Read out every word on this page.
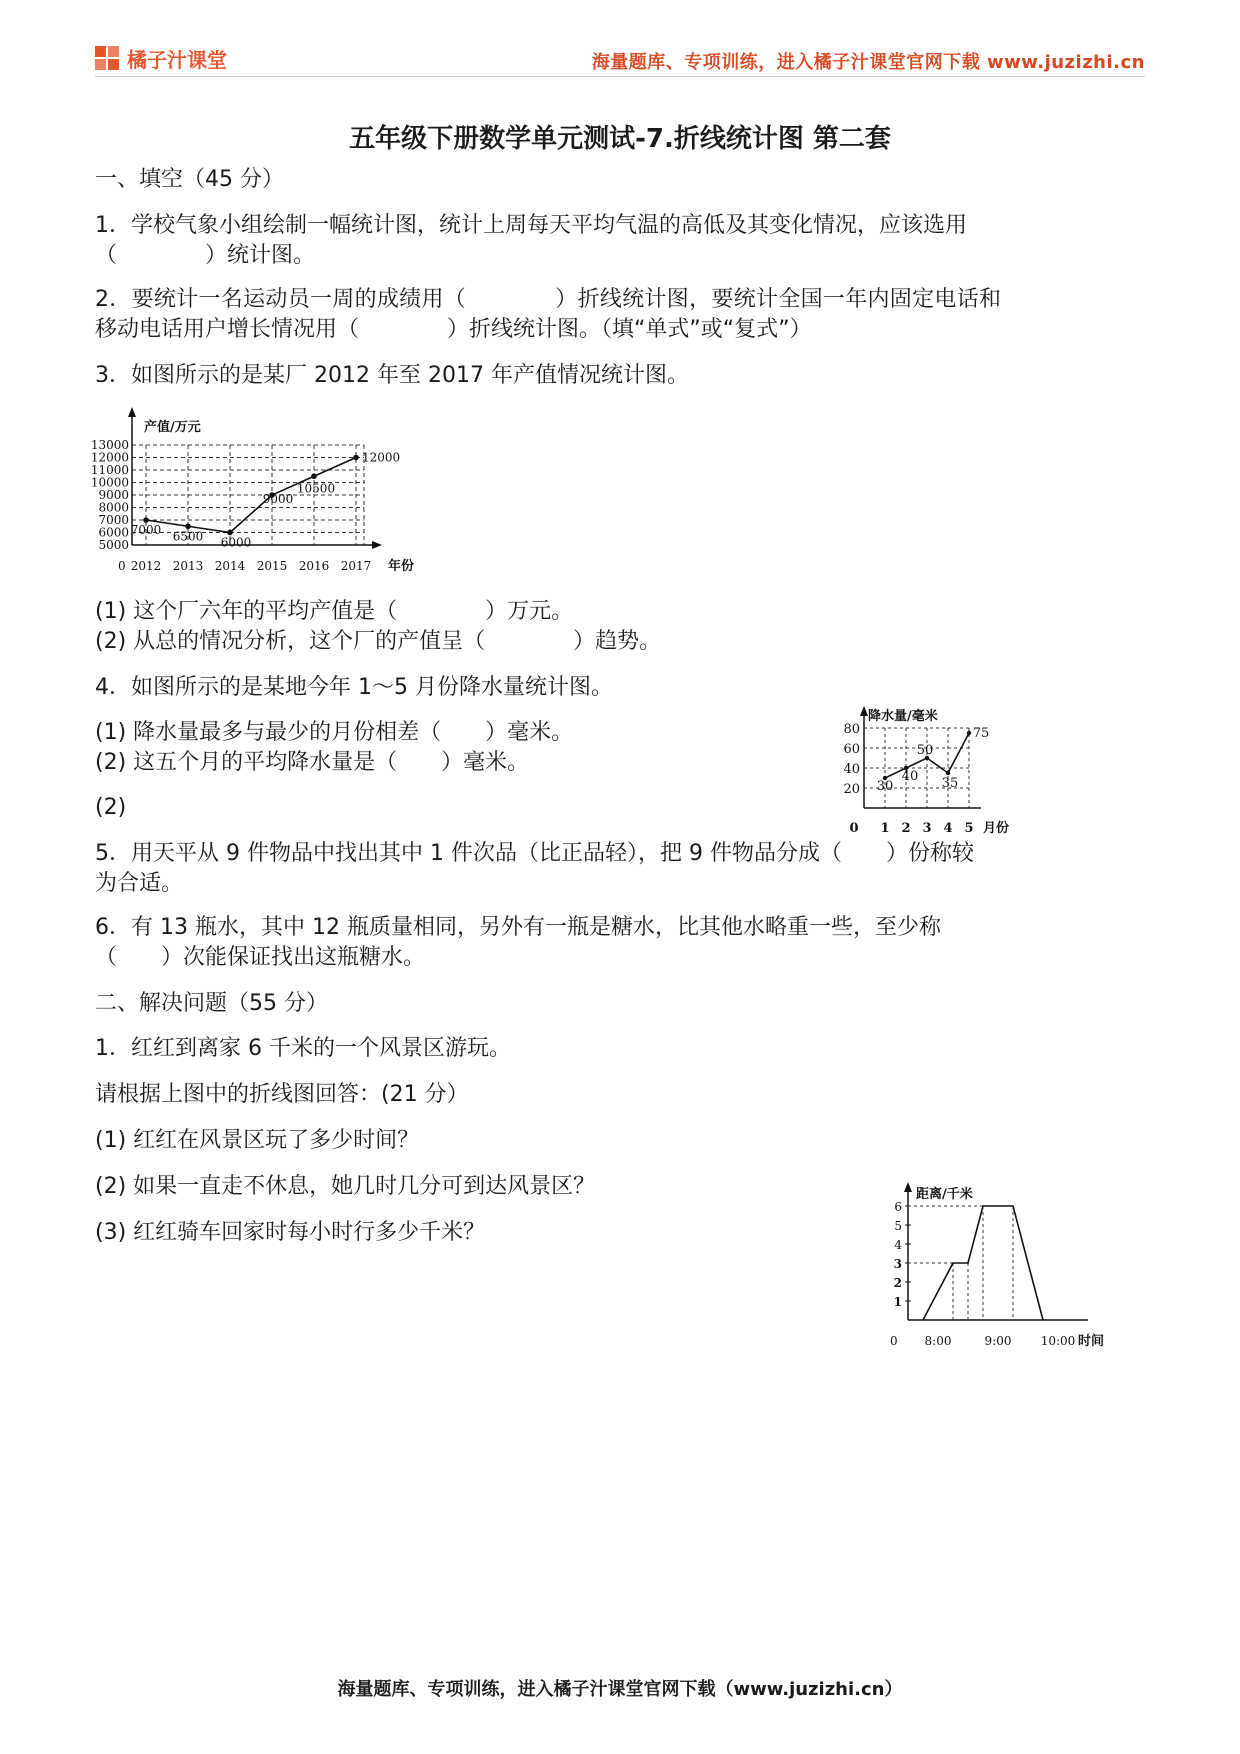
橘子汁课堂	海量题库、专项训练，进入橘子汁课堂官网下载 www.juzizhi.cn
五年级下册数学单元测试-7.折线统计图 第二套
一、填空（45 分）
1．学校气象小组绘制一幅统计图，统计上周每天平均气温的高低及其变化情况，应该选用
（　　　　）统计图。
2．要统计一名运动员一周的成绩用（　　　　）折线统计图，要统计全国一年内固定电话和
移动电话用户增长情况用（　　　　）折线统计图。（填“单式”或“复式”）
3．如图所示的是某厂 2012 年至 2017 年产值情况统计图。
5000
6000
7000
8000
9000
10000
11000
12000
13000
产值/万元
年份
0 2012 2013 2014 2015 2016 2017
7000 6500 6000
9000
10500
12000
(1) 这个厂六年的平均产值是（　　　　）万元。
(2) 从总的情况分析，这个厂的产值呈（　　　　）趋势。
20
40
60
80
降水量/毫米
月份
0 1 2 3 4 5
30
40
50
35
75
4．如图所示的是某地今年 1～5 月份降水量统计图。
(1) 降水量最多与最少的月份相差（　　）毫米。
(2) 这五个月的平均降水量是（　　）毫米。
(2)
5．用天平从 9 件物品中找出其中 1 件次品（比正品轻），把 9 件物品分成（　　）份称较
为合适。
6．有 13 瓶水，其中 12 瓶质量相同，另外有一瓶是糖水，比其他水略重一些，至少称
（　　）次能保证找出这瓶糖水。
二、解决问题（55 分）
1．红红到离家 6 千米的一个风景区游玩。
距离/千米
时间
0
1
2
3
4
5
6
8:00	9:00 10:00
请根据上图中的折线图回答：(21 分）
(1) 红红在风景区玩了多少时间？
(2) 如果一直走不休息，她几时几分可到达风景区？
(3) 红红骑车回家时每小时行多少千米？
海量题库、专项训练，进入橘子汁课堂官网下载（www.juzizhi.cn）
